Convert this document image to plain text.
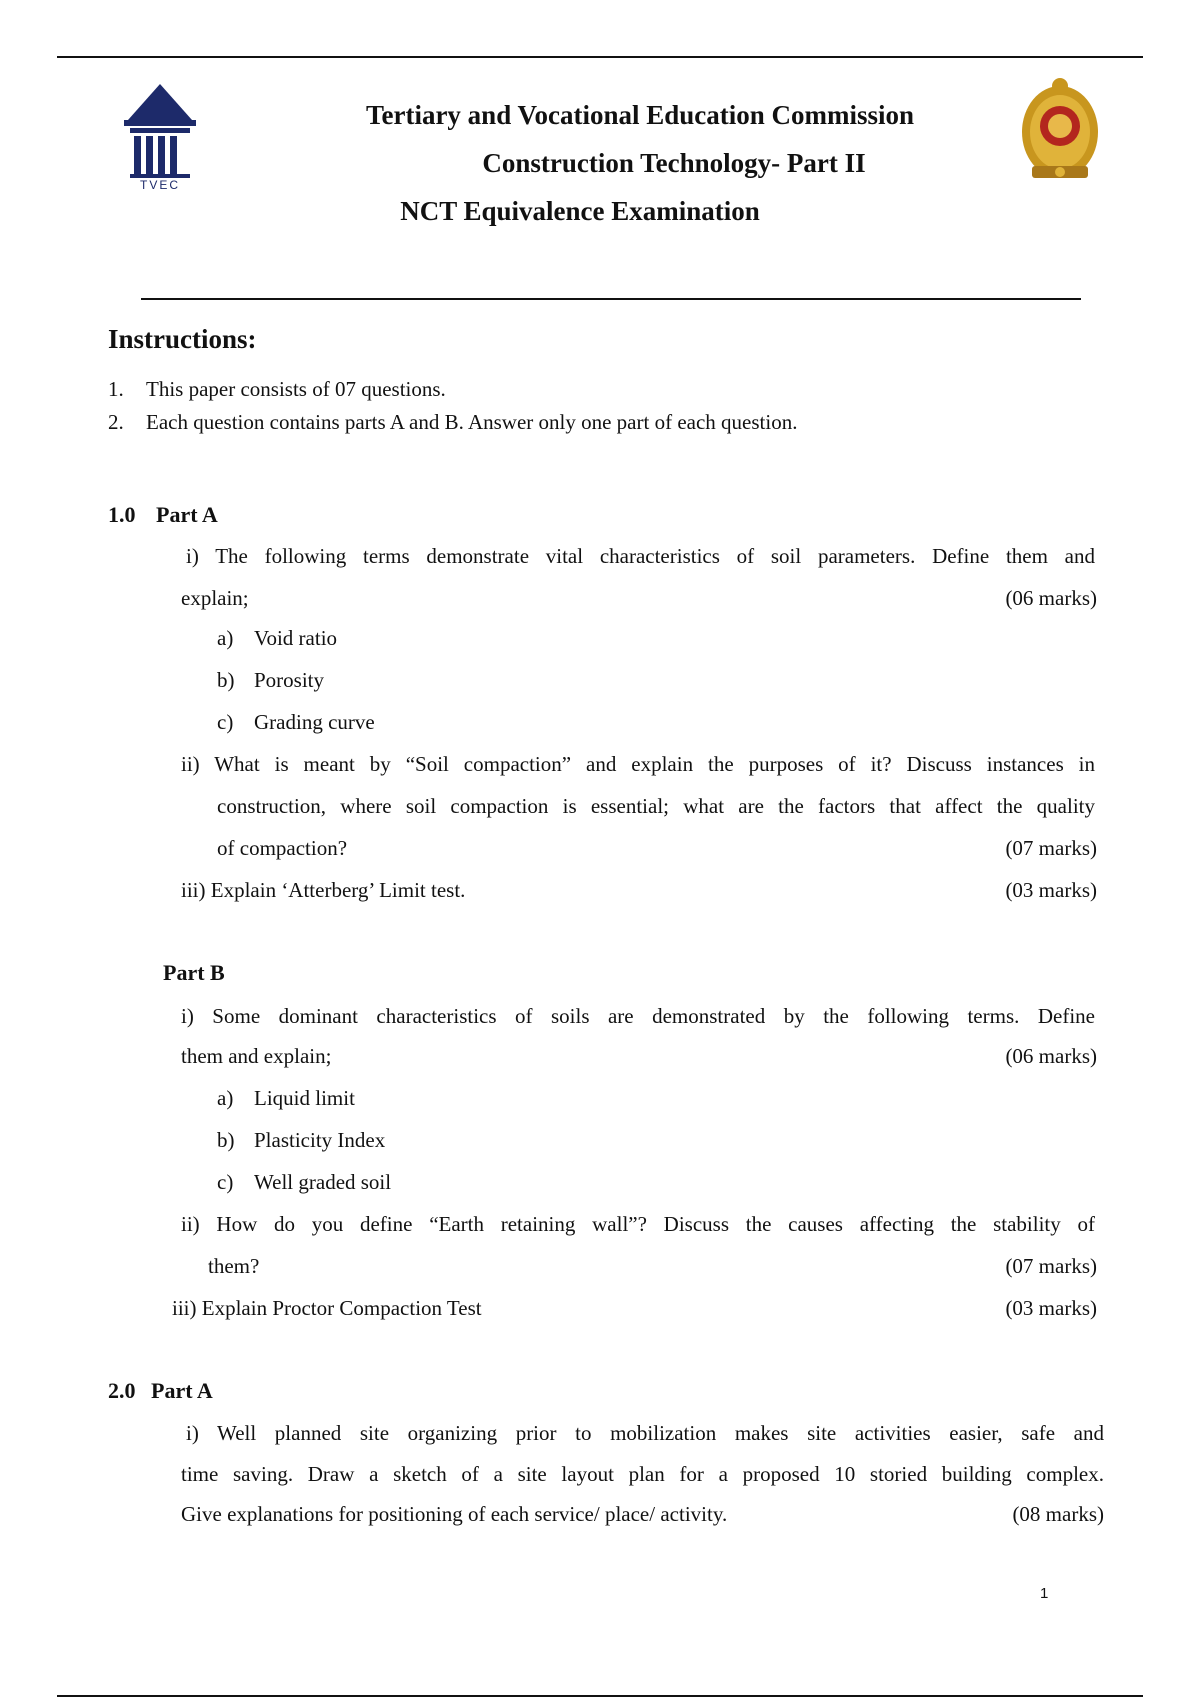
TVEC
Tertiary and Vocational Education Commission
Construction Technology- Part II
NCT Equivalence Examination
Instructions:
1. This paper consists of 07 questions.
2. Each question contains parts A and B. Answer only one part of each question.
1.0 Part A
i) The following terms demonstrate vital characteristics of soil parameters. Define them and
explain;	(06 marks)
a) Void ratio
b) Porosity
c) Grading curve
ii) What is meant by “Soil compaction” and explain the purposes of it? Discuss instances in
construction, where soil compaction is essential; what are the factors that affect the quality
of compaction?	(07 marks)
iii) Explain ‘Atterberg’ Limit test.	(03 marks)
Part B
i) Some dominant characteristics of soils are demonstrated by the following terms. Define
them and explain;	(06 marks)
a) Liquid limit
b) Plasticity Index
c) Well graded soil
ii) How do you define “Earth retaining wall”? Discuss the causes affecting the stability of
them?	(07 marks)
iii) Explain Proctor Compaction Test	(03 marks)
2.0 Part A
i) Well planned site organizing prior to mobilization makes site activities easier, safe and
time saving. Draw a sketch of a site layout plan for a proposed 10 storied building complex.
Give explanations for positioning of each service/ place/ activity.	(08 marks)
1
